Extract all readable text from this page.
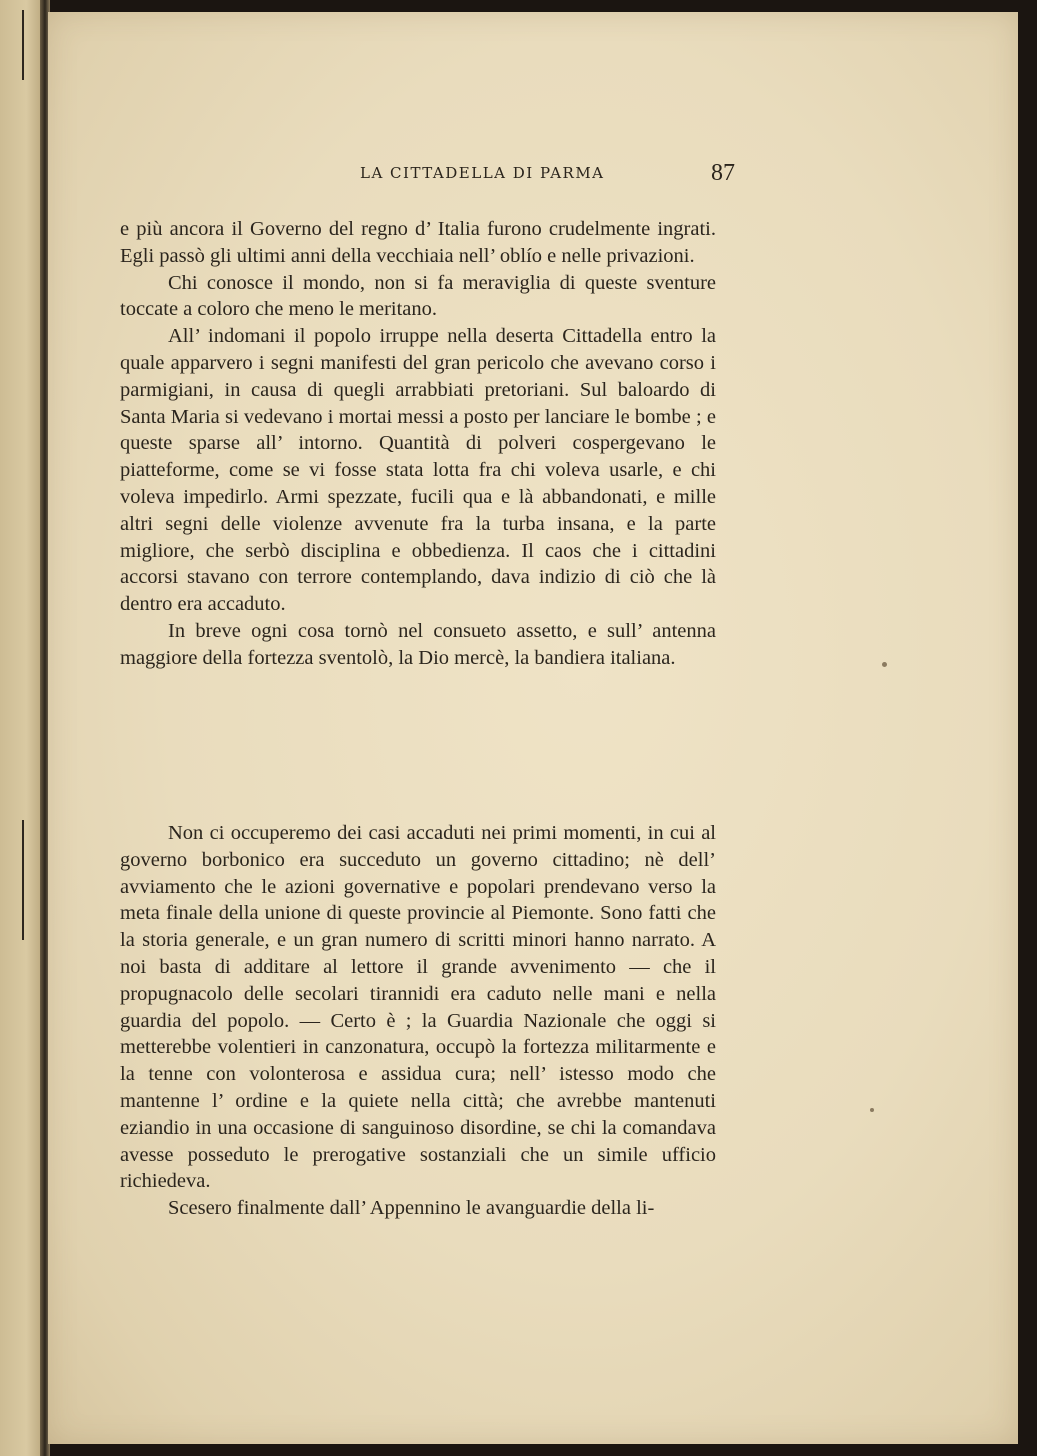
LA CITTADELLA DI PARMA	87

e più ancora il Governo del regno d’ Italia furono crudelmente ingrati. Egli passò gli ultimi anni della vecchiaia nell’ oblío e nelle privazioni.

Chi conosce il mondo, non si fa meraviglia di queste sventure toccate a coloro che meno le meritano.

All’ indomani il popolo irruppe nella deserta Cittadella entro la quale apparvero i segni manifesti del gran pericolo che avevano corso i parmigiani, in causa di quegli arrabbiati pretoriani. Sul baloardo di Santa Maria si vedevano i mortai messi a posto per lanciare le bombe ; e queste sparse all’ intorno. Quantità di polveri cospergevano le piatteforme, come se vi fosse stata lotta fra chi voleva usarle, e chi voleva impedirlo. Armi spezzate, fucili qua e là abbandonati, e mille altri segni delle violenze avvenute fra la turba insana, e la parte migliore, che serbò disciplina e obbedienza. Il caos che i cittadini accorsi stavano con terrore contemplando, dava indizio di ciò che là dentro era accaduto.

In breve ogni cosa tornò nel consueto assetto, e sull’ antenna maggiore della fortezza sventolò, la Dio mercè, la bandiera italiana.

Non ci occuperemo dei casi accaduti nei primi momenti, in cui al governo borbonico era succeduto un governo cittadino; nè dell’ avviamento che le azioni governative e popolari prendevano verso la meta finale della unione di queste provincie al Piemonte. Sono fatti che la storia generale, e un gran numero di scritti minori hanno narrato. A noi basta di additare al lettore il grande avvenimento — che il propugnacolo delle secolari tirannidi era caduto nelle mani e nella guardia del popolo. — Certo è ; la Guardia Nazionale che oggi si metterebbe volentieri in canzonatura, occupò la fortezza militarmente e la tenne con volonterosa e assidua cura; nell’ istesso modo che mantenne l’ ordine e la quiete nella città; che avrebbe mantenuti eziandio in una occasione di sanguinoso disordine, se chi la comandava avesse posseduto le prerogative sostanziali che un simile ufficio richiedeva.

Scesero finalmente dall’ Appennino le avanguardie della li-
